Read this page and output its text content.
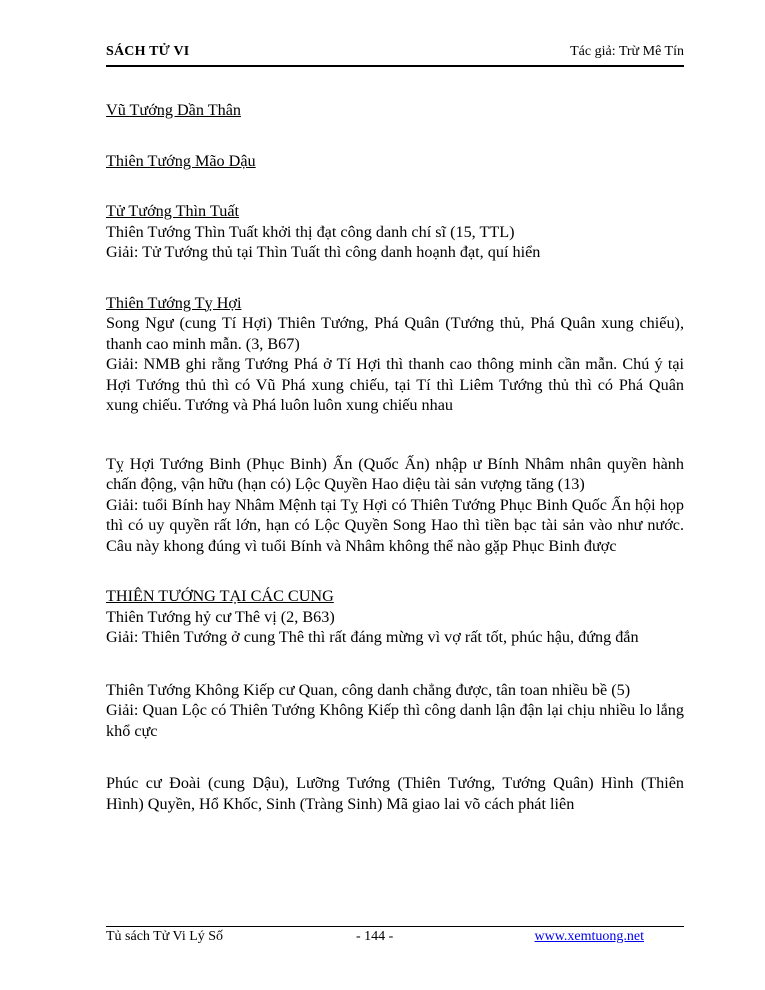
SÁCH TỬ VI	Tác giả: Trừ Mê Tín

Vũ Tướng Dần Thân

Thiên Tướng Mão Dậu

Tử Tướng Thìn Tuất

Thiên Tướng Thìn Tuất khởi thị đạt công danh chí sĩ (15, TTL)

Giải: Tử Tướng thủ tại Thìn Tuất thì công danh hoạnh đạt, quí hiển

Thiên Tướng Tỵ Hợi

Song Ngư (cung Tí Hợi) Thiên Tướng, Phá Quân (Tướng thủ, Phá Quân xung chiếu), thanh cao minh mẫn. (3, B67)

Giải: NMB ghi rằng Tướng Phá ở Tí Hợi thì thanh cao thông minh cần mẫn. Chú ý tại Hợi Tướng thủ thì có Vũ Phá xung chiếu, tại Tí thì Liêm Tướng thủ thì có Phá Quân xung chiếu. Tướng và Phá luôn luôn xung chiếu nhau

Tỵ Hợi Tướng Binh (Phục Binh) Ấn (Quốc Ấn) nhập ư Bính Nhâm nhân quyền hành chấn động, vận hữu (hạn có) Lộc Quyền Hao diệu tài sản vượng tăng (13)

Giải: tuổi Bính hay Nhâm Mệnh tại Tỵ Hợi có Thiên Tướng Phục Binh Quốc Ấn hội họp thì có uy quyền rất lớn, hạn có Lộc Quyền Song Hao thì tiền bạc tài sản vào như nước. Câu này khong đúng vì tuổi Bính và Nhâm không thể nào gặp Phục Binh được

THIÊN TƯỚNG TẠI CÁC CUNG

Thiên Tướng hỷ cư Thê vị (2, B63)

Giải: Thiên Tướng ở cung Thê thì rất đáng mừng vì vợ rất tốt, phúc hậu, đứng đắn

Thiên Tướng Không Kiếp cư Quan, công danh chẳng được, tân toan nhiều bề (5)

Giải: Quan Lộc có Thiên Tướng Không Kiếp thì công danh lận đận lại chịu nhiều lo lắng khổ cực

Phúc cư Đoài (cung Dậu), Lưỡng Tướng (Thiên Tướng, Tướng Quân) Hình (Thiên Hình) Quyền, Hổ Khốc, Sinh (Tràng Sinh) Mã giao lai võ cách phát liên

Tủ sách Tử Vi Lý Số	- 144 -	www.xemtuong.net
